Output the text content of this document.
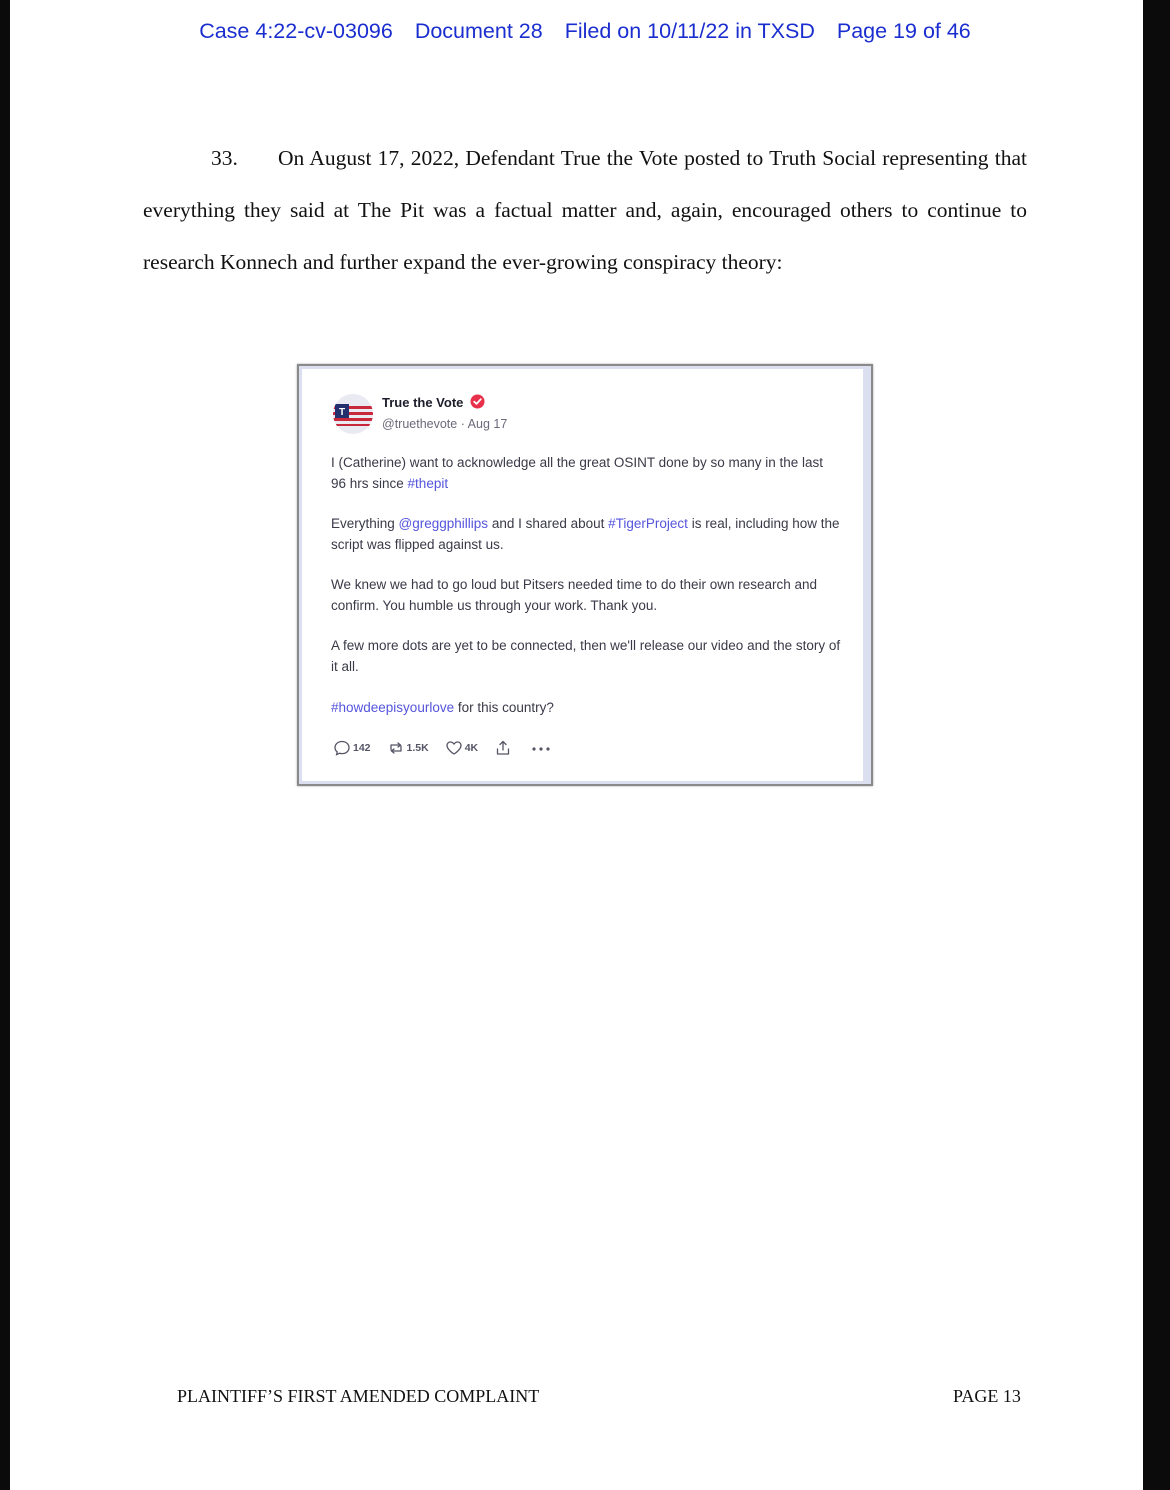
Case 4:22-cv-03096 Document 28 Filed on 10/11/22 in TXSD Page 19 of 46
33. On August 17, 2022, Defendant True the Vote posted to Truth Social representing that everything they said at The Pit was a factual matter and, again, encouraged others to continue to research Konnech and further expand the ever-growing conspiracy theory:
T
True the Vote
@truethevote · Aug 17

I (Catherine) want to acknowledge all the great OSINT done by so many in the last 96 hrs since #thepit

Everything @greggphillips and I shared about #TigerProject is real, including how the script was flipped against us.

We knew we had to go loud but Pitsers needed time to do their own research and confirm. You humble us through your work. Thank you.

A few more dots are yet to be connected, then we'll release our video and the story of it all.

#howdeepisyourlove for this country?

142	1.5K	4K
PLAINTIFF’S FIRST AMENDED COMPLAINT	PAGE 13
